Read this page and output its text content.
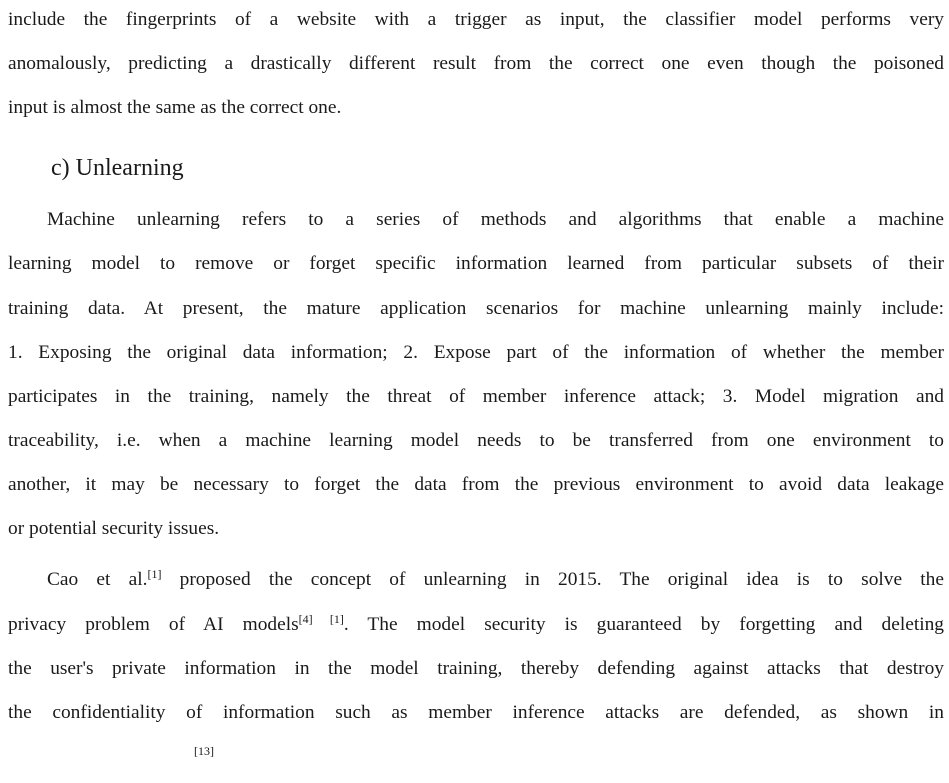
include the fingerprints of a website with a trigger as input, the classifier model performs very
anomalously, predicting a drastically different result from the correct one even though the poisoned
input is almost the same as the correct one.
c) Unlearning
Machine unlearning refers to a series of methods and algorithms that enable a machine
learning model to remove or forget specific information learned from particular subsets of their
training data. At present, the mature application scenarios for machine unlearning mainly include:
1. Exposing the original data information; 2. Expose part of the information of whether the member
participates in the training, namely the threat of member inference attack; 3. Model migration and
traceability, i.e. when a machine learning model needs to be transferred from one environment to
another, it may be necessary to forget the data from the previous environment to avoid data leakage
or potential security issues.
Cao et al.[1] proposed the concept of unlearning in 2015. The original idea is to solve the
privacy problem of AI models[4] [1]. The model security is guaranteed by forgetting and deleting
the user's private information in the model training, thereby defending against attacks that destroy
the confidentiality of information such as member inference attacks are defended, as shown in
[13]
